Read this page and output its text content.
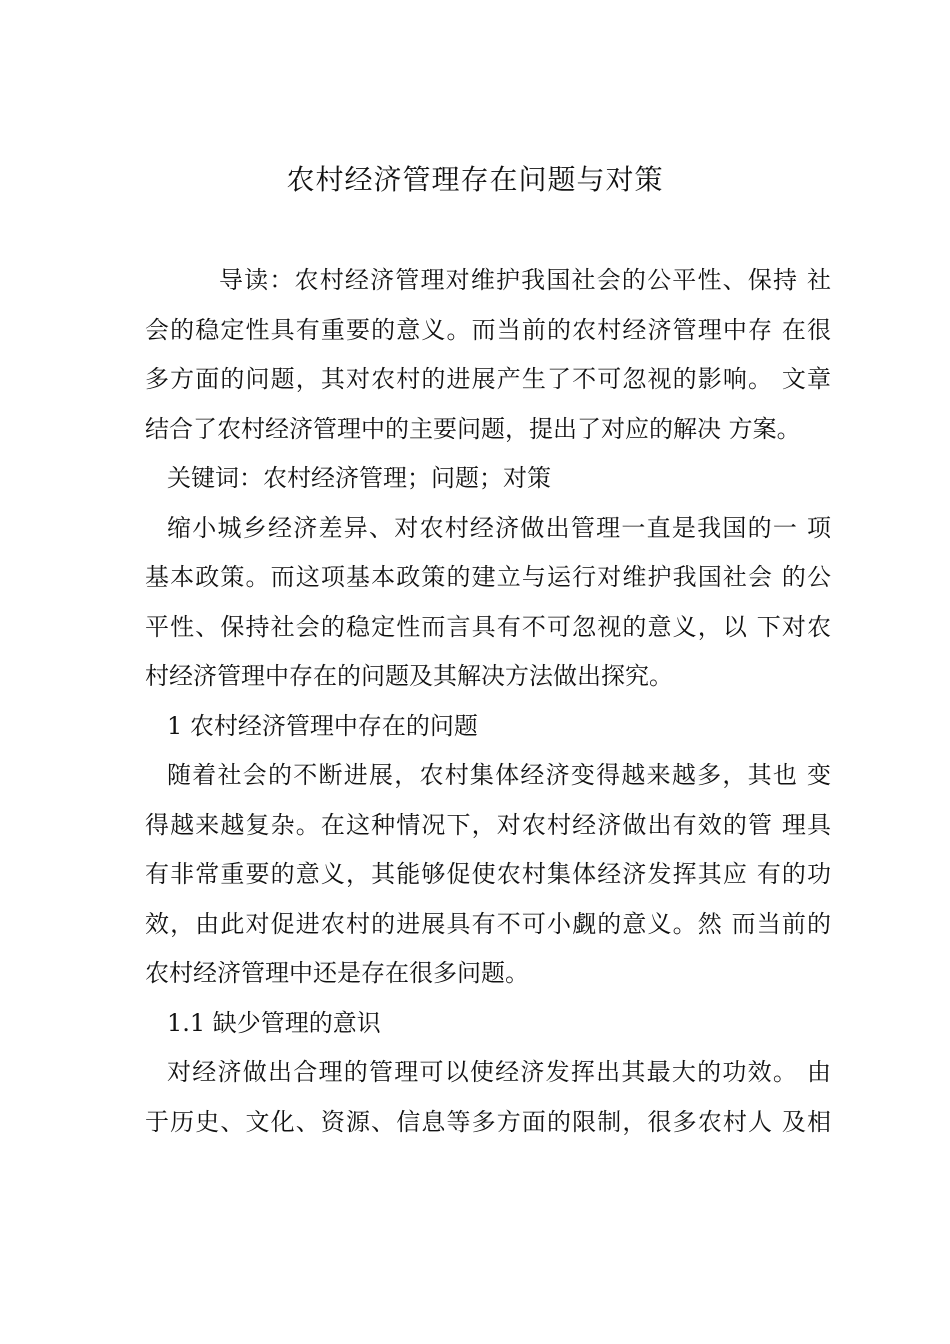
农村经济管理存在问题与对策
导读：农村经济管理对维护我国社会的公平性、保持 社
会的稳定性具有重要的意义。而当前的农村经济管理中存 在很
多方面的问题，其对农村的进展产生了不可忽视的影响。 文章
结合了农村经济管理中的主要问题，提出了对应的解决 方案。
关键词：农村经济管理；问题；对策
缩小城乡经济差异、对农村经济做出管理一直是我国的一 项
基本政策。而这项基本政策的建立与运行对维护我国社会 的公
平性、保持社会的稳定性而言具有不可忽视的意义，以 下对农
村经济管理中存在的问题及其解决方法做出探究。
1 农村经济管理中存在的问题
随着社会的不断进展，农村集体经济变得越来越多，其也 变
得越来越复杂。在这种情况下，对农村经济做出有效的管 理具
有非常重要的意义，其能够促使农村集体经济发挥其应 有的功
效，由此对促进农村的进展具有不可小觑的意义。然 而当前的
农村经济管理中还是存在很多问题。
1.1 缺少管理的意识
对经济做出合理的管理可以使经济发挥出其最大的功效。 由
于历史、文化、资源、信息等多方面的限制，很多农村人 及相
